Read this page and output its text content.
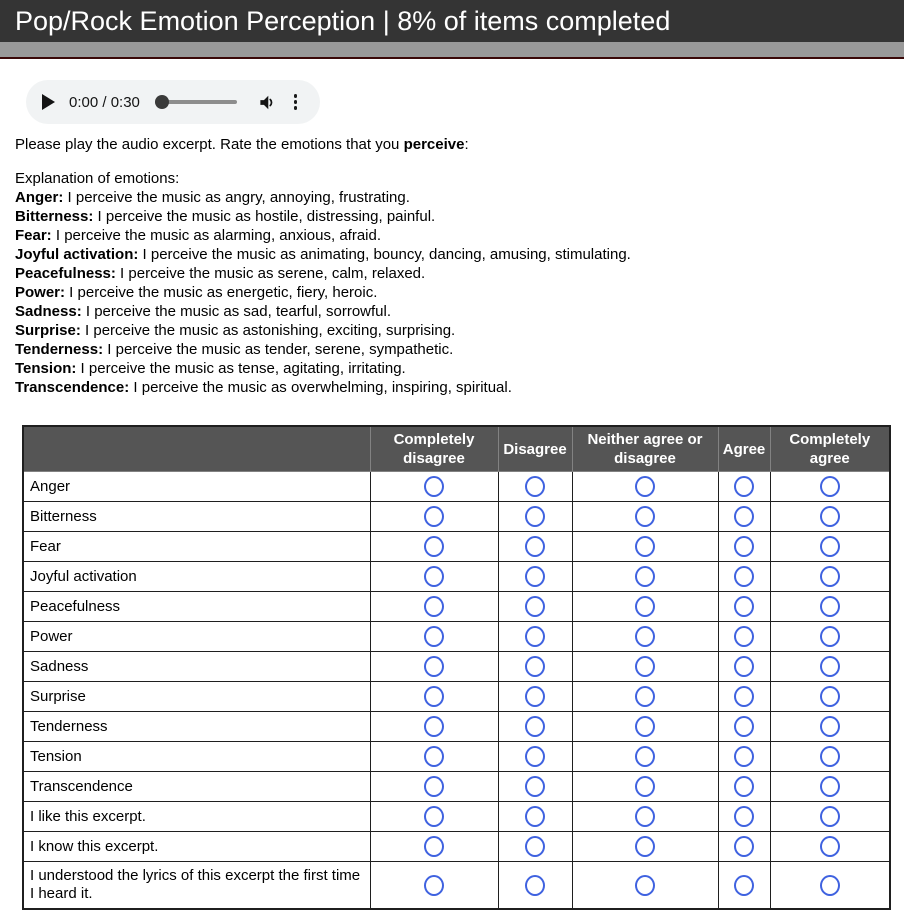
Pop/Rock Emotion Perception | 8% of items completed
0:00 / 0:30

Please play the audio excerpt. Rate the emotions that you perceive:

Explanation of emotions:
Anger: I perceive the music as angry, annoying, frustrating.
Bitterness: I perceive the music as hostile, distressing, painful.
Fear: I perceive the music as alarming, anxious, afraid.
Joyful activation: I perceive the music as animating, bouncy, dancing, amusing, stimulating.
Peacefulness: I perceive the music as serene, calm, relaxed.
Power: I perceive the music as energetic, fiery, heroic.
Sadness: I perceive the music as sad, tearful, sorrowful.
Surprise: I perceive the music as astonishing, exciting, surprising.
Tenderness: I perceive the music as tender, serene, sympathetic.
Tension: I perceive the music as tense, agitating, irritating.
Transcendence: I perceive the music as overwhelming, inspiring, spiritual.
	Completely disagree	Disagree	Neither agree or disagree	Agree	Completely agree
Anger					
Bitterness					
Fear					
Joyful activation					
Peacefulness					
Power					
Sadness					
Surprise					
Tenderness					
Tension					
Transcendence					
I like this excerpt.					
I know this excerpt.					
I understood the lyrics of this excerpt the first time I heard it.					
